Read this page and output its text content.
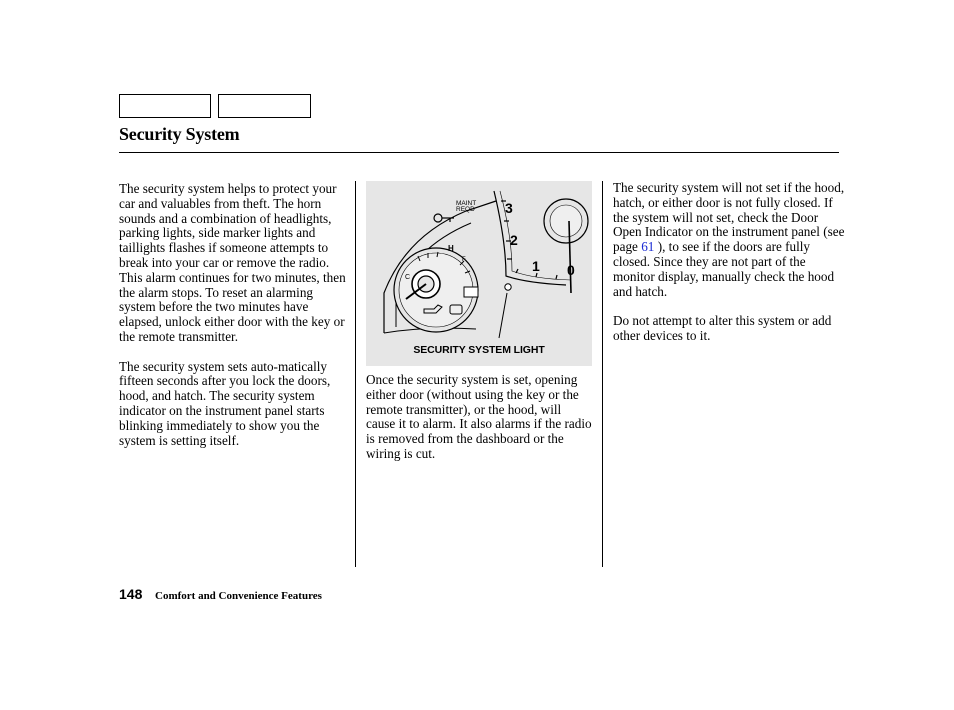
Security System

The security system helps to protect your car and valuables from theft. The horn sounds and a combination of headlights, parking lights, side marker lights and taillights flashes if someone attempts to break into your car or remove the radio. This alarm continues for two minutes, then the alarm stops. To reset an alarming system before the two minutes have elapsed, unlock either door with the key or the remote transmitter.

The security system sets auto-matically fifteen seconds after you lock the doors, hood, and hatch. The security system indicator on the instrument panel starts blinking immediately to show you the system is setting itself.

MAINT
REQD 3
2
1 0
H
C
F
SECURITY SYSTEM LIGHT

Once the security system is set, opening either door (without using the key or the remote transmitter), or the hood, will cause it to alarm. It also alarms if the radio is removed from the dashboard or the wiring is cut.

The security system will not set if the hood, hatch, or either door is not fully closed. If the system will not set, check the Door Open Indicator on the instrument panel (see page 61 ), to see if the doors are fully closed. Since they are not part of the monitor display, manually check the hood and hatch.

Do not attempt to alter this system or add other devices to it.

148 Comfort and Convenience Features
